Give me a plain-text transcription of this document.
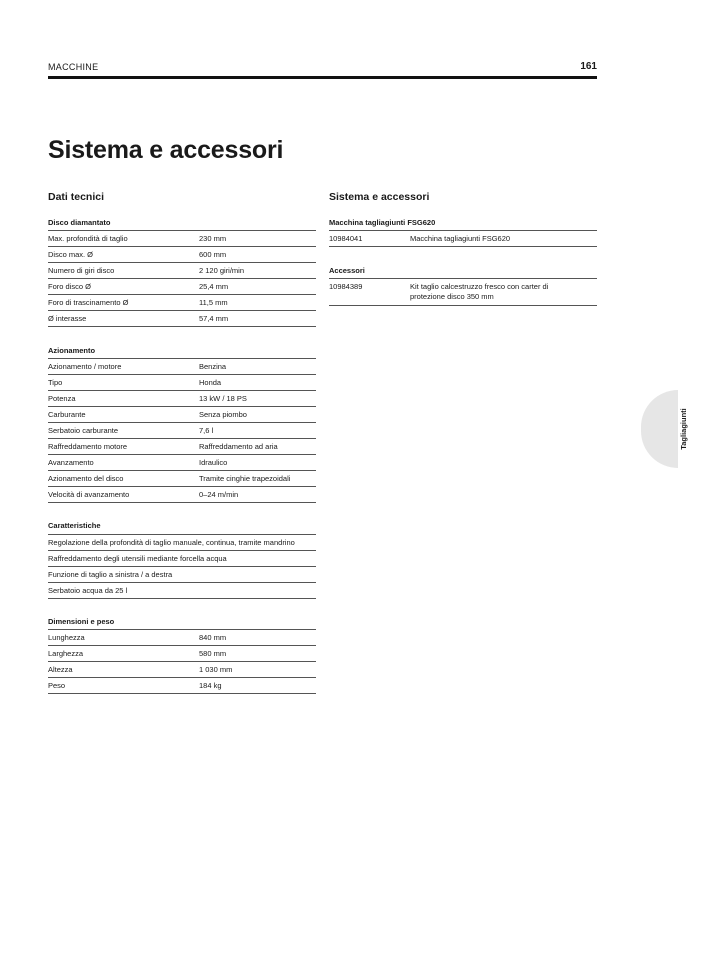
MACCHINE	161
Sistema e accessori
Dati tecnici	Sistema e accessori
Disco diamantato
Max. profondità di taglio	230 mm
Disco max. Ø	600 mm
Numero di giri disco	2 120 giri/min
Foro disco Ø	25,4 mm
Foro di trascinamento Ø	11,5 mm
Ø interasse	57,4 mm
Azionamento
Azionamento / motore	Benzina
Tipo	Honda
Potenza	13 kW / 18 PS
Carburante	Senza piombo
Serbatoio carburante	7,6 l
Raffreddamento motore	Raffreddamento ad aria
Avanzamento	Idraulico
Azionamento del disco	Tramite cinghie trapezoidali
Velocità di avanzamento	0–24 m/min
Caratteristiche
Regolazione della profondità di taglio manuale, continua, tramite mandrino
Raffreddamento degli utensili mediante forcella acqua
Funzione di taglio a sinistra / a destra
Serbatoio acqua da 25 l
Dimensioni e peso
Lunghezza	840 mm
Larghezza	580 mm
Altezza	1 030 mm
Peso	184 kg
Macchina tagliagiunti FSG620
10984041	Macchina tagliagiunti FSG620
Accessori
10984389	Kit taglio calcestruzzo fresco con carter di protezione disco 350 mm
Tagliagiunti
